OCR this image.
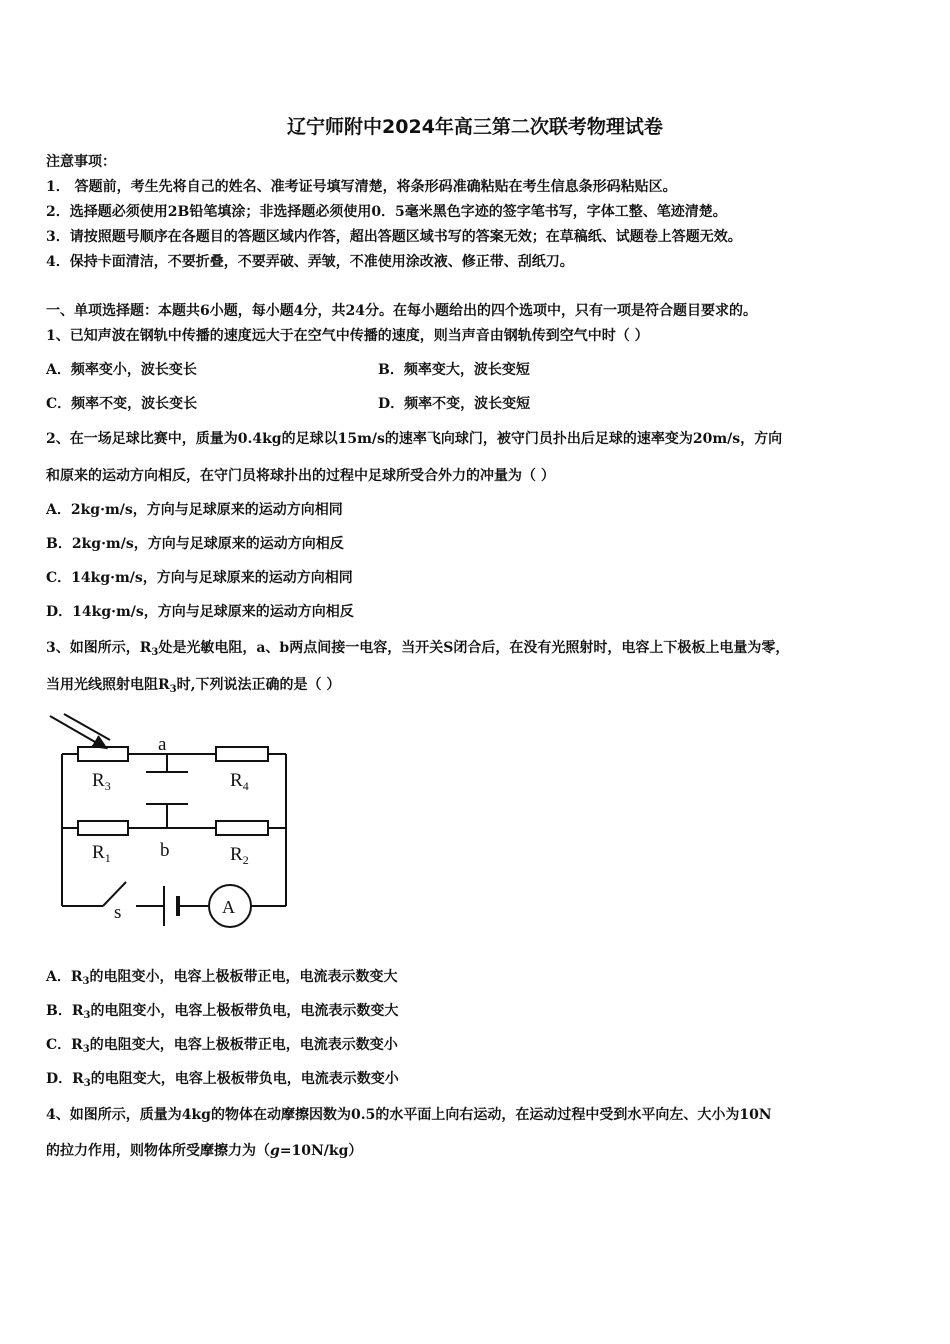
辽宁师附中2024年高三第二次联考物理试卷
注意事项：
1． 答题前，考生先将自己的姓名、准考证号填写清楚，将条形码准确粘贴在考生信息条形码粘贴区。
2．选择题必须使用2B铅笔填涂；非选择题必须使用0．5毫米黑色字迹的签字笔书写，字体工整、笔迹清楚。
3．请按照题号顺序在各题目的答题区域内作答，超出答题区域书写的答案无效；在草稿纸、试题卷上答题无效。
4．保持卡面清洁，不要折叠，不要弄破、弄皱，不准使用涂改液、修正带、刮纸刀。
一、单项选择题：本题共6小题，每小题4分，共24分。在每小题给出的四个选项中，只有一项是符合题目要求的。
1、已知声波在钢轨中传播的速度远大于在空气中传播的速度，则当声音由钢轨传到空气中时（ ）
A．频率变小，波长变长	B．频率变大，波长变短
C．频率不变，波长变长	D．频率不变，波长变短
2、在一场足球比赛中，质量为0.4kg的足球以15m/s的速率飞向球门，被守门员扑出后足球的速率变为20m/s，方向
和原来的运动方向相反，在守门员将球扑出的过程中足球所受合外力的冲量为（ ）
A．2kg·m/s，方向与足球原来的运动方向相同
B．2kg·m/s，方向与足球原来的运动方向相反
C．14kg·m/s，方向与足球原来的运动方向相同
D．14kg·m/s，方向与足球原来的运动方向相反
3、如图所示，$R_3$处是光敏电阻，a、b两点间接一电容，当开关S闭合后，在没有光照射时，电容上下极板上电量为零，
当用光线照射电阻$R_3$时,下列说法正确的是（ ）
a
b
$R_3$	$R_4$
$R_1$	$R_2$
s	A
A．$R_3$的电阻变小，电容上极板带正电，电流表示数变大
B．$R_3$的电阻变小，电容上极板带负电，电流表示数变大
C．$R_3$的电阻变大，电容上极板带正电，电流表示数变小
D．$R_3$的电阻变大，电容上极板带负电，电流表示数变小
4、如图所示，质量为4kg的物体在动摩擦因数为0.5的水平面上向右运动，在运动过程中受到水平向左、大小为10N
的拉力作用，则物体所受摩擦力为（g=10N/kg）
